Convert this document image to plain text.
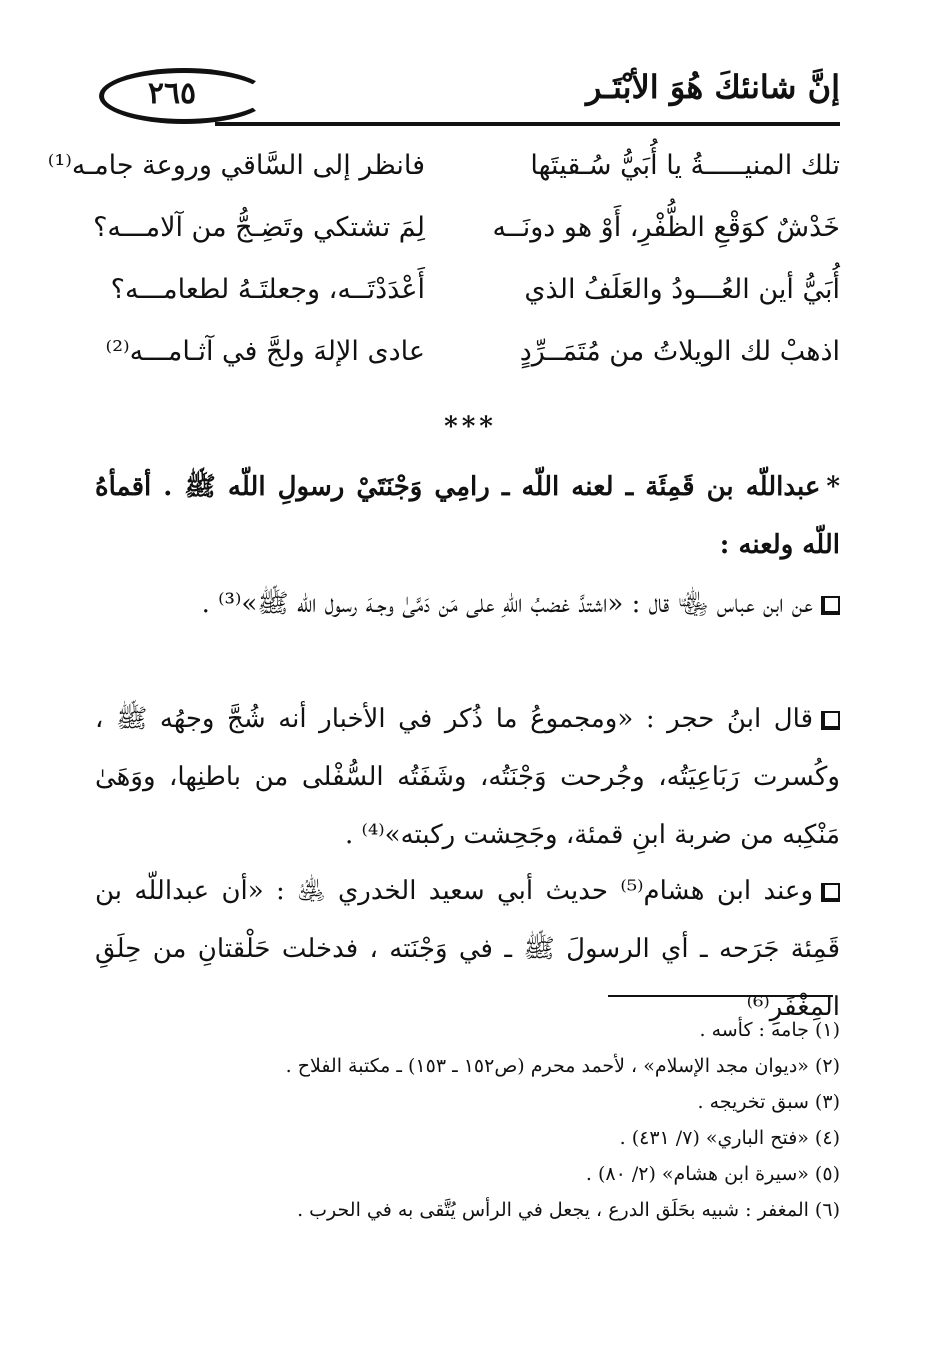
٢٦٥	إنَّ شانئكَ هُوَ الأبْتَـر
تلك المنيـــــةُ يا أُبَيُّ سُـقيتَها
فانظر إلى السَّاقي وروعة جامـه⁽¹⁾
خَدْشٌ كوَقْعِ الظُّفْرِ، أَوْ هو دونَــه
لِمَ تشتكي وتَضِـجُّ من آلامـــه؟
أُبَيُّ أين العُـــودُ والعَلَفُ الذي
أَعْدَدْتَــه، وجعلتَـهُ لطعامـــه؟
اذهبْ لك الويلاتُ من مُتَمَــرِّدٍ
عادى الإلهَ ولجَّ في آثـامـــه⁽²⁾
***
*عبداللّه بن قَمِئَة ـ لعنه اللّه ـ رامِي وَجْنَتَيْ رسولِ اللّه ﷺ . أقمأهُ اللّه ولعنه :
عن ابن عباس ﵄ قال : «اشتدَّ غضبُ اللّهِ على مَن دَمَّىٰ وجـهَ رسول اللّه ﷺ»⁽³⁾ .
قال ابنُ حجر : «ومجموعُ ما ذُكر في الأخبار أنه شُجَّ وجهُه ﷺ ، وكُسرت رَبَاعِيَتُه، وجُرحت وَجْنَتُه، وشَفَتُه السُّفْلى من باطنِها، ووَهَىٰ مَنْكِبه من ضربة ابنِ قمئة، وجَحِشت ركبته»⁽⁴⁾ .
وعند ابن هشام⁽⁵⁾ حديث أبي سعيد الخدري ﵁ : «أن عبداللّه بن قَمِئة جَرَحه ـ أي الرسولَ ﷺ ـ في وَجْنَته ، فدخلت حَلْقتانِ من حِلَقِ المِغْفَرِ⁽⁶⁾
(١) جامه : كأسه .
(٢) «ديوان مجد الإسلام» ، لأحمد محرم (ص١٥٢ ـ ١٥٣) ـ مكتبة الفلاح .
(٣) سبق تخريجه .
(٤) «فتح الباري» (٧/ ٤٣١) .
(٥) «سيرة ابن هشام» (٢/ ٨٠) .
(٦) المغفر : شبيه بحَلَق الدرع ، يجعل في الرأس يُتَّقى به في الحرب .
